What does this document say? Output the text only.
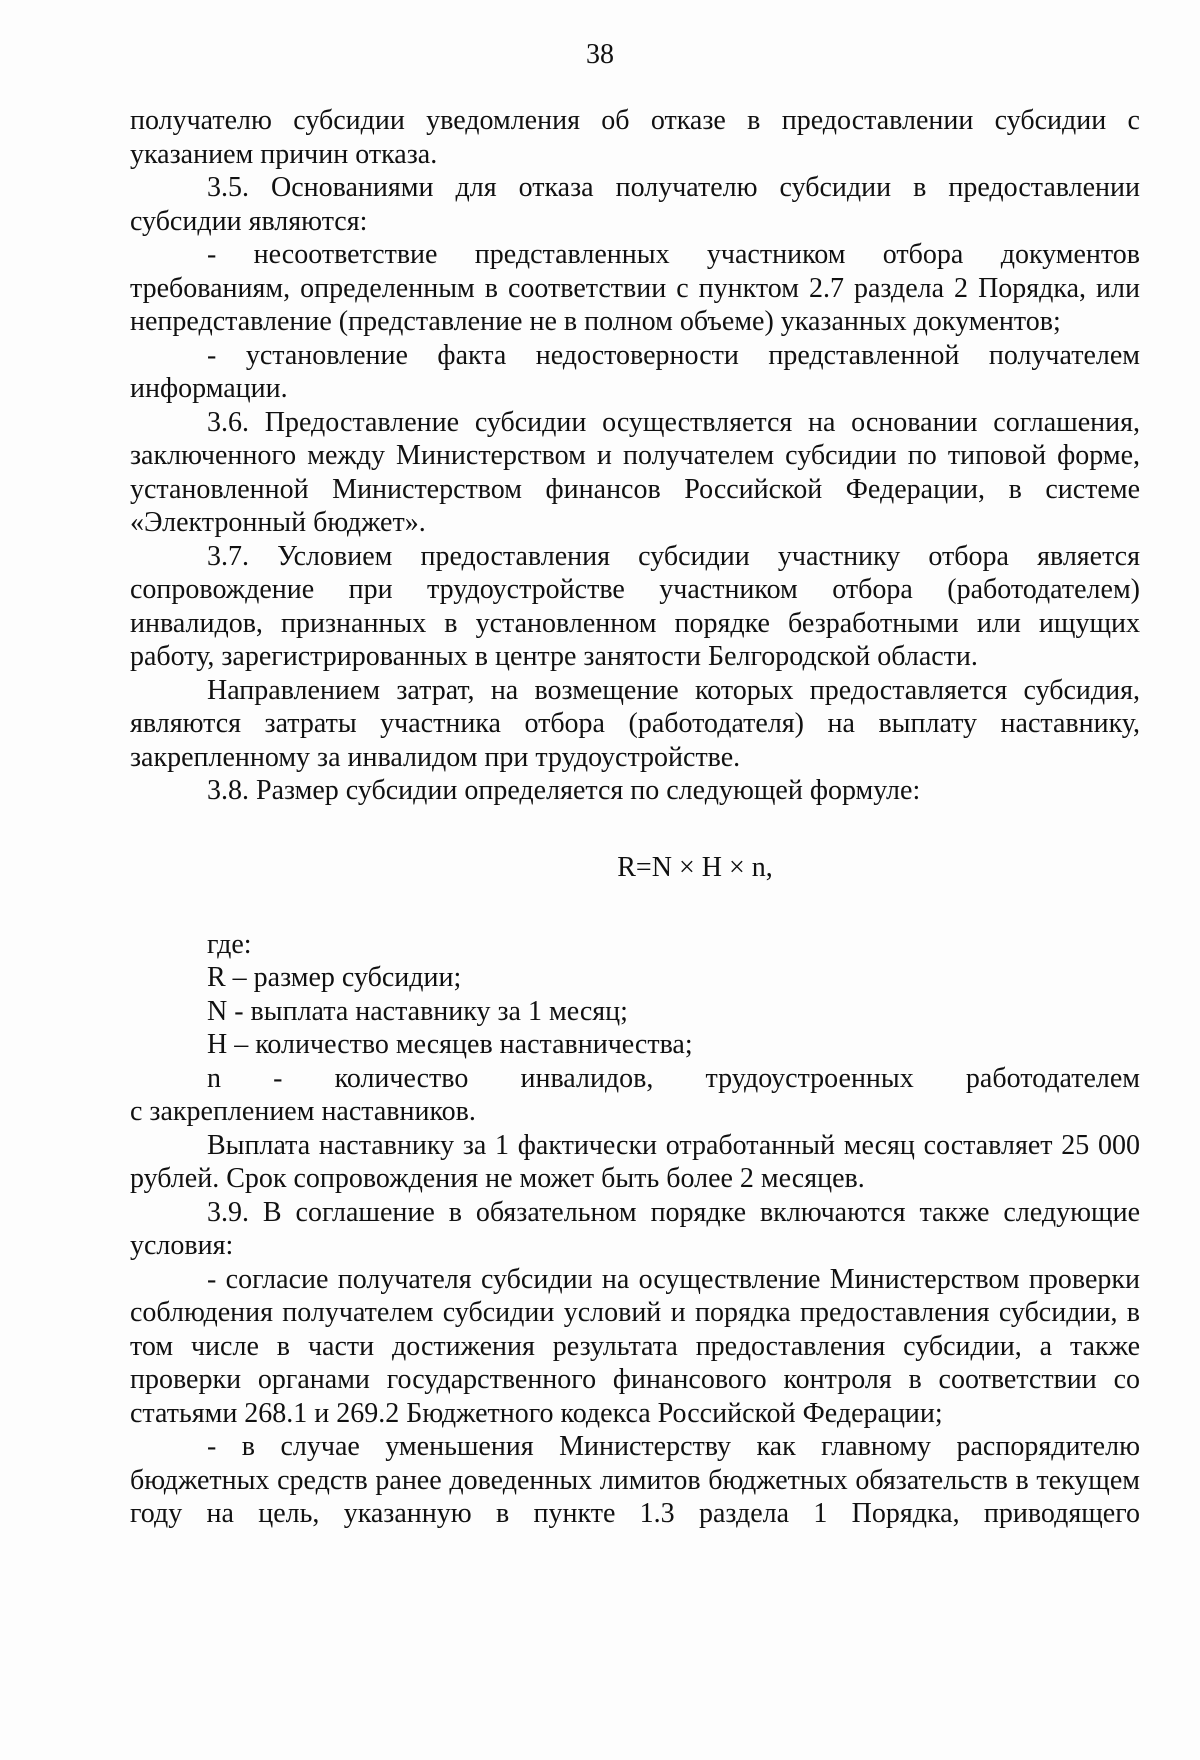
38

получателю субсидии уведомления об отказе в предоставлении субсидии с указанием причин отказа.

3.5. Основаниями для отказа получателю субсидии в предоставлении субсидии являются:

- несоответствие представленных участником отбора документов требованиям, определенным в соответствии с пунктом 2.7 раздела 2 Порядка, или непредставление (представление не в полном объеме) указанных документов;

- установление факта недостоверности представленной получателем информации.

3.6. Предоставление субсидии осуществляется на основании соглашения, заключенного между Министерством и получателем субсидии по типовой форме, установленной Министерством финансов Российской Федерации, в системе «Электронный бюджет».

3.7. Условием предоставления субсидии участнику отбора является сопровождение при трудоустройстве участником отбора (работодателем) инвалидов, признанных в установленном порядке безработными или ищущих работу, зарегистрированных в центре занятости Белгородской области.

Направлением затрат, на возмещение которых предоставляется субсидия, являются затраты участника отбора (работодателя) на выплату наставнику, закрепленному за инвалидом при трудоустройстве.

3.8. Размер субсидии определяется по следующей формуле:

R=N × H × n,

где:

R – размер субсидии;

N - выплата наставнику за 1 месяц;

H – количество месяцев наставничества;

n - количество инвалидов, трудоустроенных работодателем

с закреплением наставников.

Выплата наставнику за 1 фактически отработанный месяц составляет 25 000 рублей. Срок сопровождения не может быть более 2 месяцев.

3.9. В соглашение в обязательном порядке включаются также следующие условия:

- согласие получателя субсидии на осуществление Министерством проверки соблюдения получателем субсидии условий и порядка предоставления субсидии, в том числе в части достижения результата предоставления субсидии, а также проверки органами государственного финансового контроля в соответствии со статьями 268.1 и 269.2 Бюджетного кодекса Российской Федерации;

- в случае уменьшения Министерству как главному распорядителю бюджетных средств ранее доведенных лимитов бюджетных обязательств в текущем году на цель, указанную в пункте 1.3 раздела 1 Порядка, приводящего
